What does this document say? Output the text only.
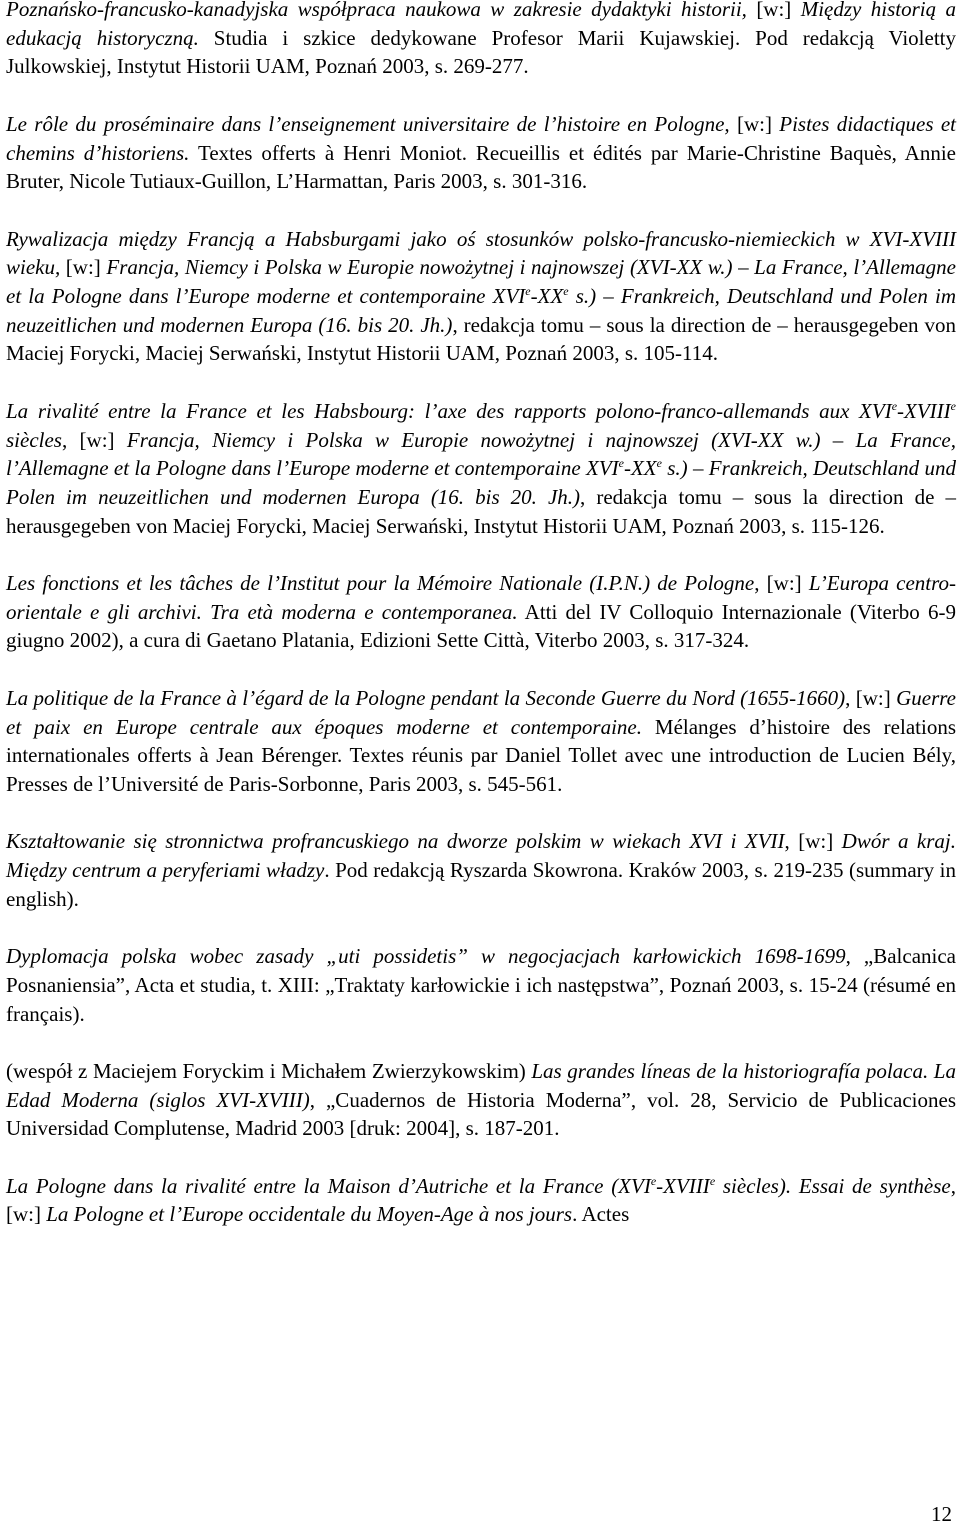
Poznańsko-francusko-kanadyjska współpraca naukowa w zakresie dydaktyki historii, [w:] Między historią a edukacją historyczną. Studia i szkice dedykowane Profesor Marii Kujawskiej. Pod redakcją Violetty Julkowskiej, Instytut Historii UAM, Poznań 2003, s. 269-277.

Le rôle du proséminaire dans l’enseignement universitaire de l’histoire en Pologne, [w:] Pistes didactiques et chemins d’historiens. Textes offerts à Henri Moniot. Recueillis et édités par Marie-Christine Baquès, Annie Bruter, Nicole Tutiaux-Guillon, L’Harmattan, Paris 2003, s. 301-316.

Rywalizacja między Francją a Habsburgami jako oś stosunków polsko-francusko-niemieckich w XVI-XVIII wieku, [w:] Francja, Niemcy i Polska w Europie nowożytnej i najnowszej (XVI-XX w.) – La France, l’Allemagne et la Pologne dans l’Europe moderne et contemporaine XVIe-XXe s.) – Frankreich, Deutschland und Polen im neuzeitlichen und modernen Europa (16. bis 20. Jh.), redakcja tomu – sous la direction de – herausgegeben von Maciej Forycki, Maciej Serwański, Instytut Historii UAM, Poznań 2003, s. 105-114.

La rivalité entre la France et les Habsbourg: l’axe des rapports polono-franco-allemands aux XVIe-XVIIIe siècles, [w:] Francja, Niemcy i Polska w Europie nowożytnej i najnowszej (XVI-XX w.) – La France, l’Allemagne et la Pologne dans l’Europe moderne et contemporaine XVIe-XXe s.) – Frankreich, Deutschland und Polen im neuzeitlichen und modernen Europa (16. bis 20. Jh.), redakcja tomu – sous la direction de – herausgegeben von Maciej Forycki, Maciej Serwański, Instytut Historii UAM, Poznań 2003, s. 115-126.

Les fonctions et les tâches de l’Institut pour la Mémoire Nationale (I.P.N.) de Pologne, [w:] L’Europa centro-orientale e gli archivi. Tra età moderna e contemporanea. Atti del IV Colloquio Internazionale (Viterbo 6-9 giugno 2002), a cura di Gaetano Platania, Edizioni Sette Città, Viterbo 2003, s. 317-324.

La politique de la France à l’égard de la Pologne pendant la Seconde Guerre du Nord (1655-1660), [w:] Guerre et paix en Europe centrale aux époques moderne et contemporaine. Mélanges d’histoire des relations internationales offerts à Jean Bérenger. Textes réunis par Daniel Tollet avec une introduction de Lucien Bély, Presses de l’Université de Paris-Sorbonne, Paris 2003, s. 545-561.

Kształtowanie się stronnictwa profrancuskiego na dworze polskim w wiekach XVI i XVII, [w:] Dwór a kraj. Między centrum a peryferiami władzy. Pod redakcją Ryszarda Skowrona. Kraków 2003, s. 219-235 (summary in english).

Dyplomacja polska wobec zasady „uti possidetis” w negocjacjach karłowickich 1698-1699, „Balcanica Posnaniensia”, Acta et studia, t. XIII: „Traktaty karłowickie i ich następstwa”, Poznań 2003, s. 15-24 (résumé en français).

(wespół z Maciejem Foryckim i Michałem Zwierzykowskim) Las grandes líneas de la historiografía polaca. La Edad Moderna (siglos XVI-XVIII), „Cuadernos de Historia Moderna”, vol. 28, Servicio de Publicaciones Universidad Complutense, Madrid 2003 [druk: 2004], s. 187-201.

La Pologne dans la rivalité entre la Maison d’Autriche et la France (XVIe-XVIIIe siècles). Essai de synthèse, [w:] La Pologne et l’Europe occidentale du Moyen-Age à nos jours. Actes

12
